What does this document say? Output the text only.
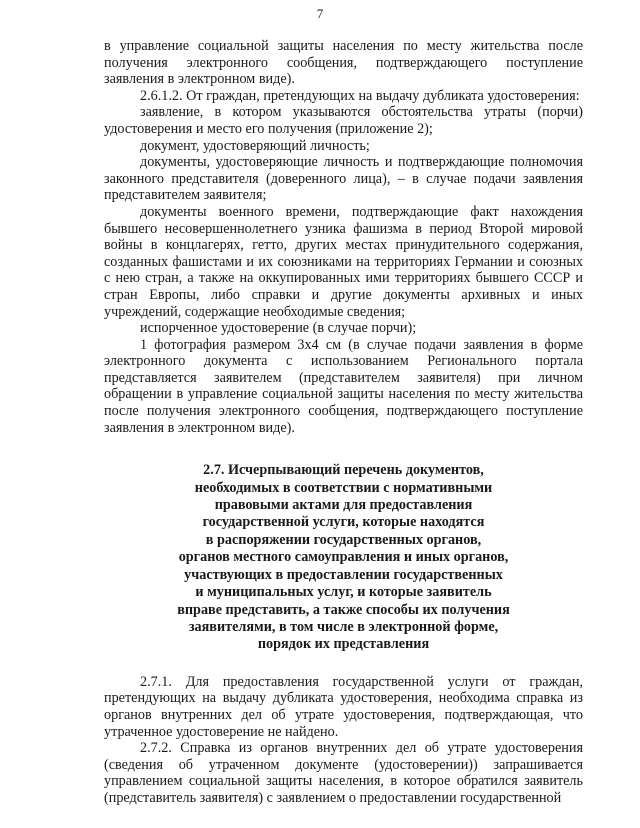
7

в управление социальной защиты населения по месту жительства после получения электронного сообщения, подтверждающего поступление заявления в электронном виде).

2.6.1.2. От граждан, претендующих на выдачу дубликата удостоверения:

заявление, в котором указываются обстоятельства утраты (порчи) удостоверения и место его получения (приложение 2);

документ, удостоверяющий личность;

документы, удостоверяющие личность и подтверждающие полномочия законного представителя (доверенного лица), – в случае подачи заявления представителем заявителя;

документы военного времени, подтверждающие факт нахождения бывшего несовершеннолетнего узника фашизма в период Второй мировой войны в концлагерях, гетто, других местах принудительного содержания, созданных фашистами и их союзниками на территориях Германии и союзных с нею стран, а также на оккупированных ими территориях бывшего СССР и стран Европы, либо справки и другие документы архивных и иных учреждений, содержащие необходимые сведения;

испорченное удостоверение (в случае порчи);

1 фотография размером 3x4 см (в случае подачи заявления в форме электронного документа с использованием Регионального портала представляется заявителем (представителем заявителя) при личном обращении в управление социальной защиты населения по месту жительства после получения электронного сообщения, подтверждающего поступление заявления в электронном виде).

2.7. Исчерпывающий перечень документов,
необходимых в соответствии с нормативными
правовыми актами для предоставления
государственной услуги, которые находятся
в распоряжении государственных органов,
органов местного самоуправления и иных органов,
участвующих в предоставлении государственных
и муниципальных услуг, и которые заявитель
вправе представить, а также способы их получения
заявителями, в том числе в электронной форме,
порядок их представления

2.7.1. Для предоставления государственной услуги от граждан, претендующих на выдачу дубликата удостоверения, необходима справка из органов внутренних дел об утрате удостоверения, подтверждающая, что утраченное удостоверение не найдено.

2.7.2. Справка из органов внутренних дел об утрате удостоверения (сведения об утраченном документе (удостоверении)) запрашивается управлением социальной защиты населения, в которое обратился заявитель (представитель заявителя) с заявлением о предоставлении государственной
